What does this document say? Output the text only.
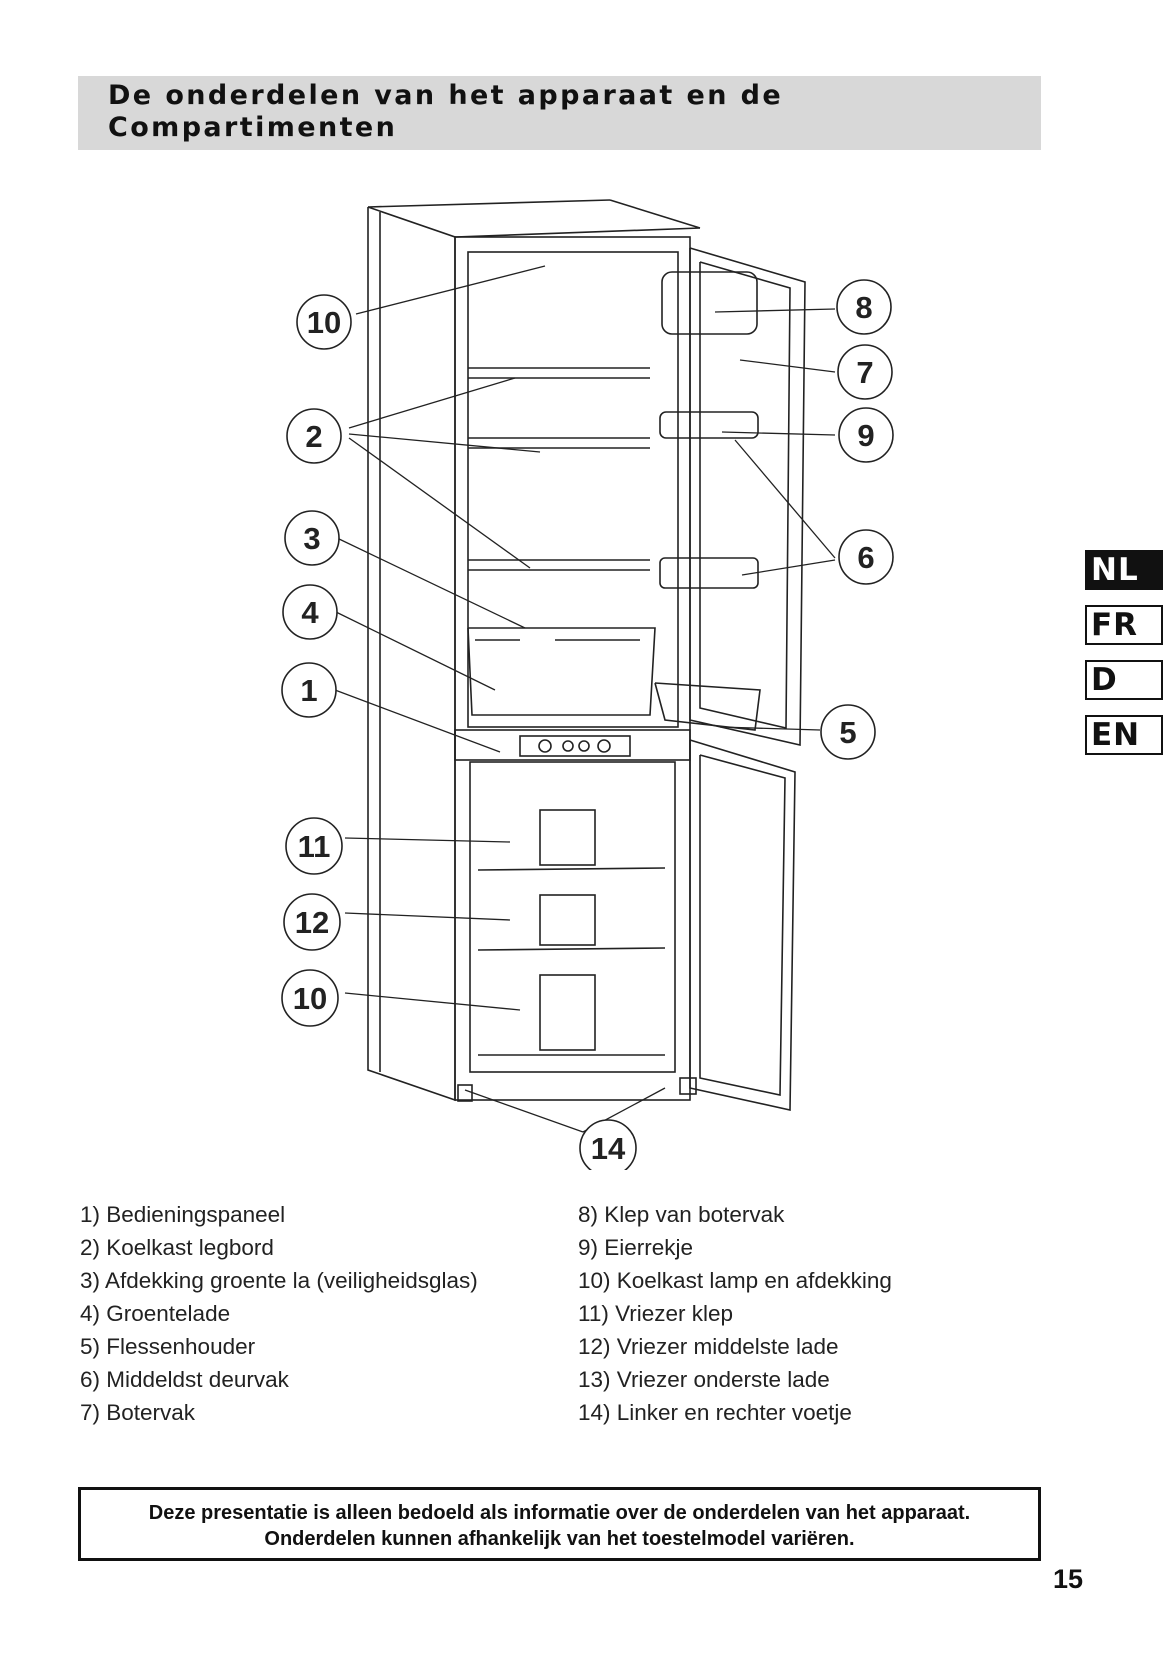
De onderdelen van het apparaat en de Compartimenten
10
2
3
4
1
11
12
10
14
8
7
9
6
5
NL
FR
D
EN
1) Bedieningspaneel
2) Koelkast legbord
3) Afdekking groente la (veiligheidsglas)
4) Groentelade
5) Flessenhouder
6) Middeldst deurvak
7) Botervak
8) Klep van botervak
9) Eierrekje
10) Koelkast lamp en afdekking
11) Vriezer klep
12) Vriezer middelste lade
13) Vriezer onderste lade
14) Linker en rechter voetje
Deze presentatie is alleen bedoeld als informatie over de onderdelen van het apparaat.
Onderdelen kunnen afhankelijk van het toestelmodel variëren.
15
